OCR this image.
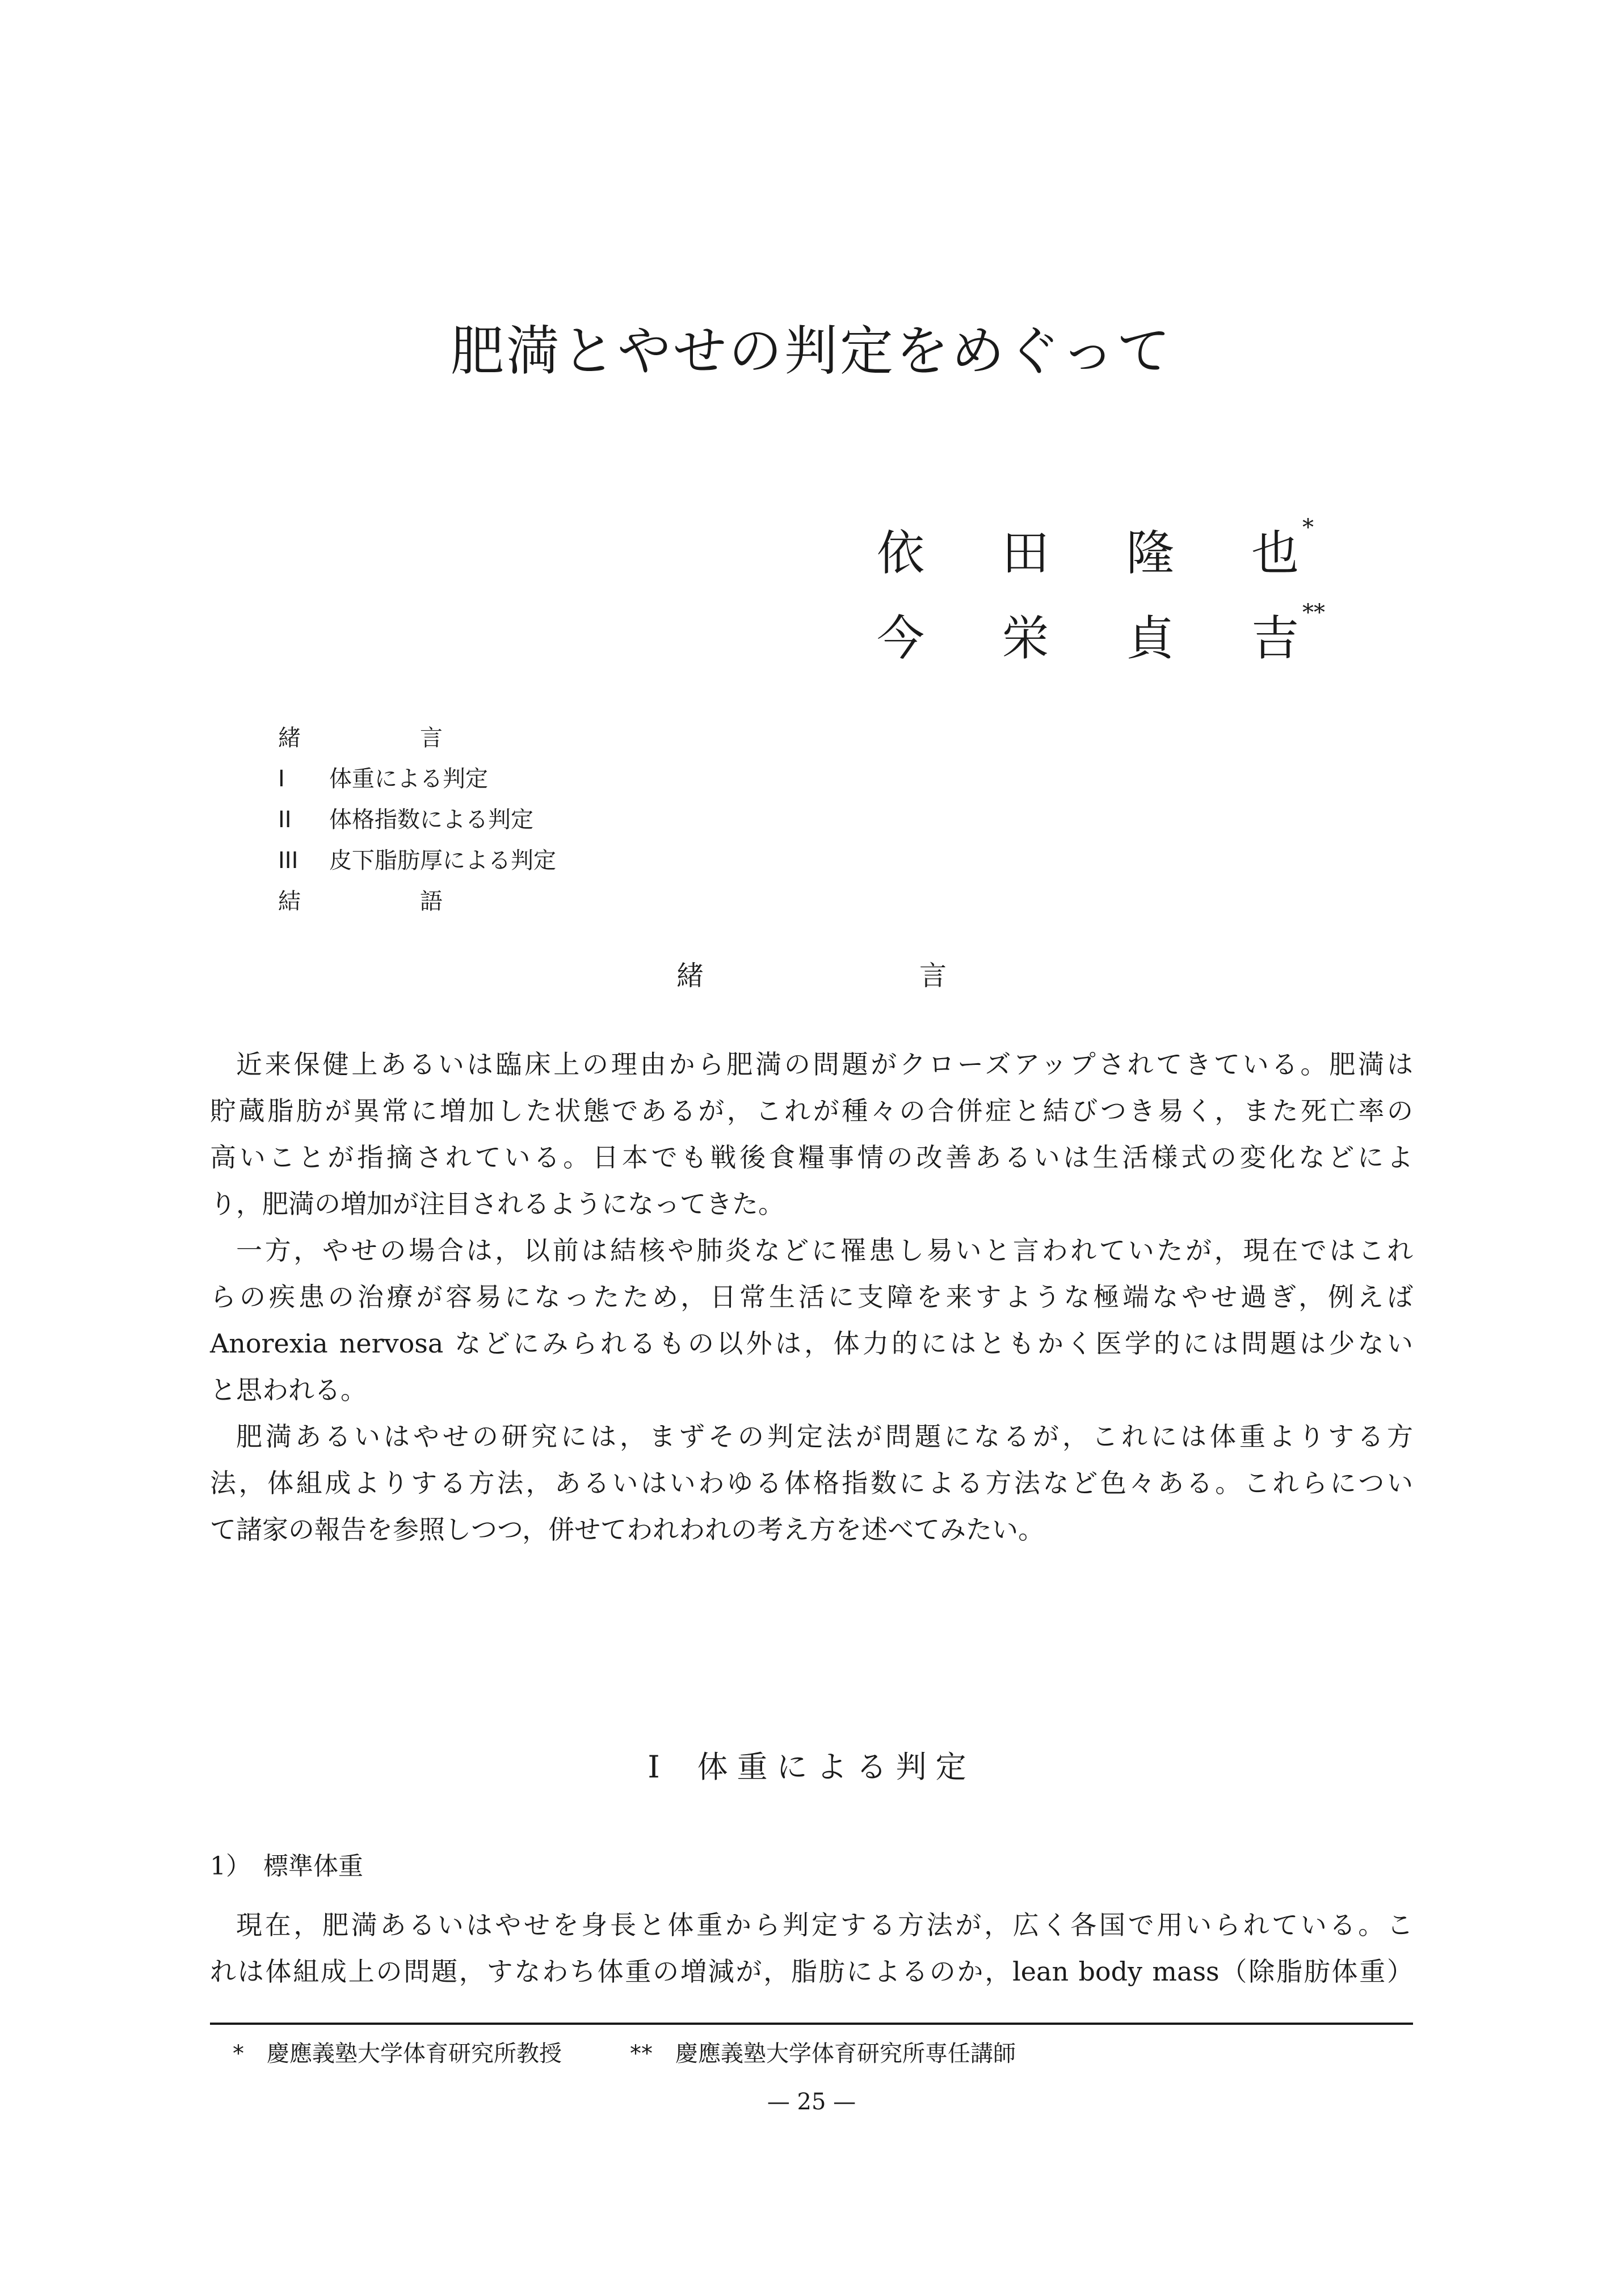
肥満とやせの判定をめぐって
依	田	隆	也 *
今	栄	貞	吉 **
緒	言
I	体重による判定
II	体格指数による判定
III	皮下脂肪厚による判定
結	語
緒	言
近来保健上あるいは臨床上の理由から肥満の問題がクローズアップされてきている。肥満は
貯蔵脂肪が異常に増加した状態であるが，これが種々の合併症と結びつき易く，また死亡率の
高いことが指摘されている。日本でも戦後食糧事情の改善あるいは生活様式の変化などによ
り，肥満の増加が注目されるようになってきた。
一方，やせの場合は，以前は結核や肺炎などに罹患し易いと言われていたが，現在ではこれ
らの疾患の治療が容易になったため，日常生活に支障を来すような極端なやせ過ぎ，例えば
Anorexia nervosa などにみられるもの以外は，体力的にはともかく医学的には問題は少ない
と思われる。
肥満あるいはやせの研究には，まずその判定法が問題になるが，これには体重よりする方
法，体組成よりする方法，あるいはいわゆる体格指数による方法など色々ある。これらについ
て諸家の報告を参照しつつ，併せてわれわれの考え方を述べてみたい。
I 体重による判定
1）　標準体重
現在，肥満あるいはやせを身長と体重から判定する方法が，広く各国で用いられている。こ
れは体組成上の問題，すなわち体重の増減が，脂肪によるのか，lean body mass（除脂肪体重）
* 慶應義塾大学体育研究所教授	** 慶應義塾大学体育研究所専任講師
— 25 —
